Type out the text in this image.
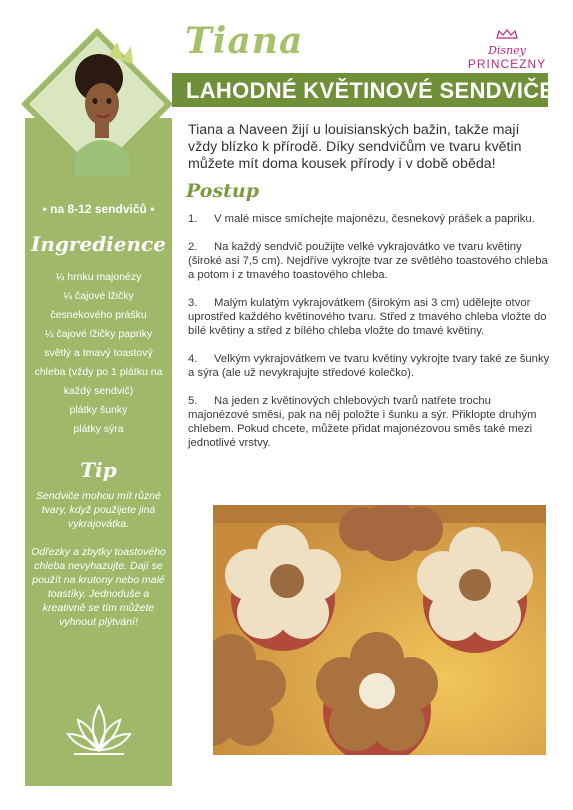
Tiana	Disney
PRINCEZNY
LAHODNÉ KVĚTINOVÉ SENDVIČE
Tiana a Naveen žijí u louisianských bažin, takže mají vždy blízko k přírodě. Díky sendvičům ve tvaru květin můžete mít doma kousek přírody i v době oběda!
Postup
1. V malé misce smíchejte majonézu, česnekový prášek a papriku.
2. Na každý sendvič použijte velké vykrajovátko ve tvaru květiny (široké asi 7,5 cm). Nejdříve vykrojte tvar ze světlého toastového chleba a potom i z tmavého toastového chleba.
3. Malým kulatým vykrajovátkem (širokým asi 3 cm) udělejte otvor uprostřed každého květinového tvaru. Střed z tmavého chleba vložte do bílé květiny a střed z bílého chleba vložte do tmavé květiny.
4. Velkým vykrajovátkem ve tvaru květiny vykrojte tvary také ze šunky a sýra (ale už nevykrajujte středové kolečko).
5. Na jeden z květinových chlebových tvarů natřete trochu majonézové směsi, pak na něj položte i šunku a sýr. Přiklopte druhým chlebem. Pokud chcete, můžete přidat majonézovou směs také mezi jednotlivé vrstvy.
• na 8-12 sendvičů •
Ingredience
¼ hrnku majonézy
¼ čajové lžičky česnekového prášku
¼ čajové lžičky papriky
světlý a tmavý toastový chleba (vždy po 1 plátku na každý sendvič)
plátky šunky
plátky sýra
Tip

Sendviče mohou mít různé tvary, když použijete jiná vykrajovátka.

Odřezky a zbytky toastového chleba nevyhazujte. Dají se použít na krutony nebo malé toastíky. Jednoduše a kreativně se tím můžete vyhnout plýtvání!
